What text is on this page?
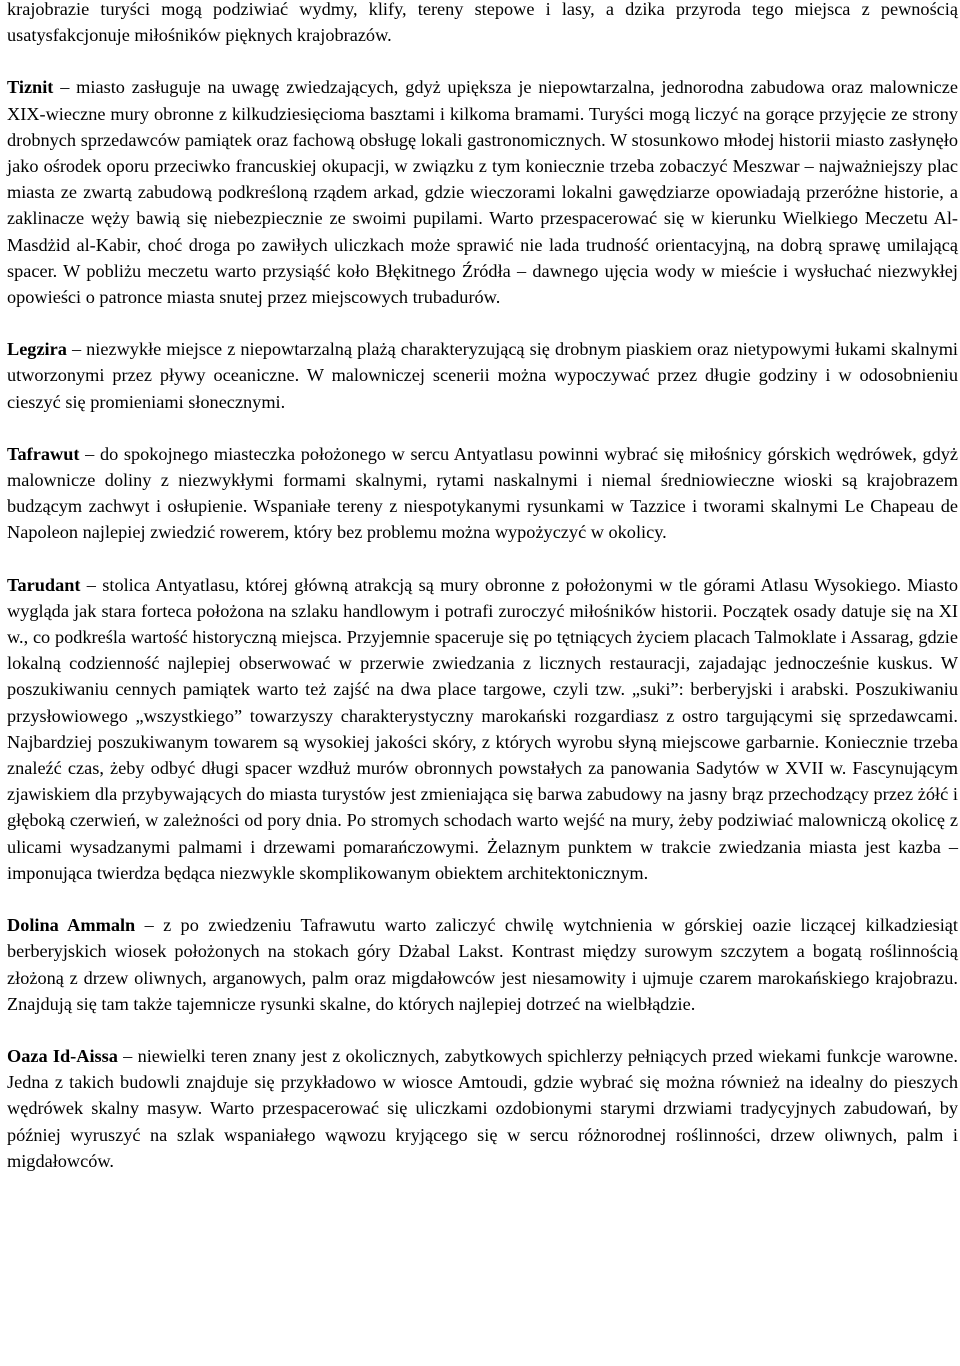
krajobrazie turyści mogą podziwiać wydmy, klify, tereny stepowe i lasy, a dzika przyroda tego miejsca z pewnością usatysfakcjonuje miłośników pięknych krajobrazów.

Tiznit – miasto zasługuje na uwagę zwiedzających, gdyż upiększa je niepowtarzalna, jednorodna zabudowa oraz malownicze XIX-wieczne mury obronne z kilkudziesięcioma basztami i kilkoma bramami. Turyści mogą liczyć na gorące przyjęcie ze strony drobnych sprzedawców pamiątek oraz fachową obsługę lokali gastronomicznych. W stosunkowo młodej historii miasto zasłynęło jako ośrodek oporu przeciwko francuskiej okupacji, w związku z tym koniecznie trzeba zobaczyć Meszwar – najważniejszy plac miasta ze zwartą zabudową podkreśloną rządem arkad, gdzie wieczorami lokalni gawędziarze opowiadają przeróżne historie, a zaklinacze węży bawią się niebezpiecznie ze swoimi pupilami. Warto przespacerować się w kierunku Wielkiego Meczetu Al-Masdżid al-Kabir, choć droga po zawiłych uliczkach może sprawić nie lada trudność orientacyjną, na dobrą sprawę umilającą spacer. W pobliżu meczetu warto przysiąść koło Błękitnego Źródła – dawnego ujęcia wody w mieście i wysłuchać niezwykłej opowieści o patronce miasta snutej przez miejscowych trubadurów.

Legzira – niezwykłe miejsce z niepowtarzalną plażą charakteryzującą się drobnym piaskiem oraz nietypowymi łukami skalnymi utworzonymi przez pływy oceaniczne. W malowniczej scenerii można wypoczywać przez długie godziny i w odosobnieniu cieszyć się promieniami słonecznymi.

Tafrawut – do spokojnego miasteczka położonego w sercu Antyatlasu powinni wybrać się miłośnicy górskich wędrówek, gdyż malownicze doliny z niezwykłymi formami skalnymi, rytami naskalnymi i niemal średniowieczne wioski są krajobrazem budzącym zachwyt i osłupienie. Wspaniałe tereny z niespotykanymi rysunkami w Tazzice i tworami skalnymi Le Chapeau de Napoleon najlepiej zwiedzić rowerem, który bez problemu można wypożyczyć w okolicy.

Tarudant – stolica Antyatlasu, której główną atrakcją są mury obronne z położonymi w tle górami Atlasu Wysokiego. Miasto wygląda jak stara forteca położona na szlaku handlowym i potrafi zuroczyć miłośników historii. Początek osady datuje się na XI w., co podkreśla wartość historyczną miejsca. Przyjemnie spaceruje się po tętniących życiem placach Talmoklate i Assarag, gdzie lokalną codzienność najlepiej obserwować w przerwie zwiedzania z licznych restauracji, zajadając jednocześnie kuskus. W poszukiwaniu cennych pamiątek warto też zajść na dwa place targowe, czyli tzw. „suki”: berberyjski i arabski. Poszukiwaniu przysłowiowego „wszystkiego” towarzyszy charakterystyczny marokański rozgardiasz z ostro targującymi się sprzedawcami. Najbardziej poszukiwanym towarem są wysokiej jakości skóry, z których wyrobu słyną miejscowe garbarnie. Koniecznie trzeba znaleźć czas, żeby odbyć długi spacer wzdłuż murów obronnych powstałych za panowania Sadytów w XVII w. Fascynującym zjawiskiem dla przybywających do miasta turystów jest zmieniająca się barwa zabudowy na jasny brąz przechodzący przez żółć i głęboką czerwień, w zależności od pory dnia. Po stromych schodach warto wejść na mury, żeby podziwiać malowniczą okolicę z ulicami wysadzanymi palmami i drzewami pomarańczowymi. Żelaznym punktem w trakcie zwiedzania miasta jest kazba – imponująca twierdza będąca niezwykle skomplikowanym obiektem architektonicznym.

Dolina Ammaln – z po zwiedzeniu Tafrawutu warto zaliczyć chwilę wytchnienia w górskiej oazie liczącej kilkadziesiąt berberyjskich wiosek położonych na stokach góry Dżabal Lakst. Kontrast między surowym szczytem a bogatą roślinnością złożoną z drzew oliwnych, arganowych, palm oraz migdałowców jest niesamowity i ujmuje czarem marokańskiego krajobrazu. Znajdują się tam także tajemnicze rysunki skalne, do których najlepiej dotrzeć na wielbłądzie.

Oaza Id-Aissa – niewielki teren znany jest z okolicznych, zabytkowych spichlerzy pełniących przed wiekami funkcje warowne. Jedna z takich budowli znajduje się przykładowo w wiosce Amtoudi, gdzie wybrać się można również na idealny do pieszych wędrówek skalny masyw. Warto przespacerować się uliczkami ozdobionymi starymi drzwiami tradycyjnych zabudowań, by później wyruszyć na szlak wspaniałego wąwozu kryjącego się w sercu różnorodnej roślinności, drzew oliwnych, palm i migdałowców.
